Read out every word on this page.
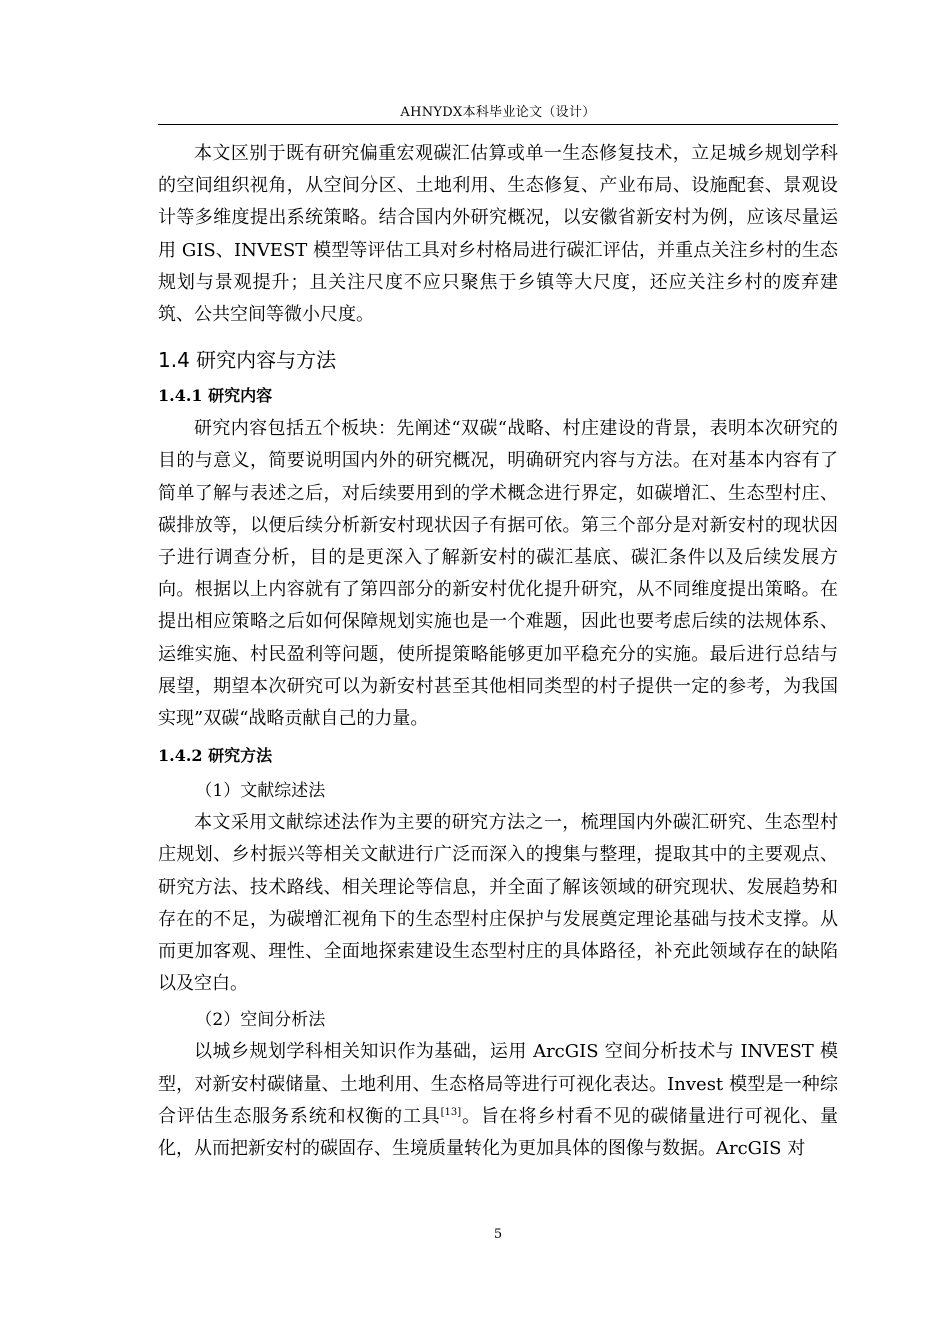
AHNYDX本科毕业论文（设计）

本文区别于既有研究偏重宏观碳汇估算或单一生态修复技术，立足城乡规划学科的空间组织视角，从空间分区、土地利用、生态修复、产业布局、设施配套、景观设计等多维度提出系统策略。结合国内外研究概况，以安徽省新安村为例，应该尽量运用 GIS、INVEST 模型等评估工具对乡村格局进行碳汇评估，并重点关注乡村的生态规划与景观提升；且关注尺度不应只聚焦于乡镇等大尺度，还应关注乡村的废弃建筑、公共空间等微小尺度。

1.4 研究内容与方法
1.4.1 研究内容

研究内容包括五个板块：先阐述“双碳“战略、村庄建设的背景，表明本次研究的目的与意义，简要说明国内外的研究概况，明确研究内容与方法。在对基本内容有了简单了解与表述之后，对后续要用到的学术概念进行界定，如碳增汇、生态型村庄、碳排放等，以便后续分析新安村现状因子有据可依。第三个部分是对新安村的现状因子进行调查分析，目的是更深入了解新安村的碳汇基底、碳汇条件以及后续发展方向。根据以上内容就有了第四部分的新安村优化提升研究，从不同维度提出策略。在提出相应策略之后如何保障规划实施也是一个难题，因此也要考虑后续的法规体系、运维实施、村民盈利等问题，使所提策略能够更加平稳充分的实施。最后进行总结与展望，期望本次研究可以为新安村甚至其他相同类型的村子提供一定的参考，为我国实现”双碳“战略贡献自己的力量。

1.4.2 研究方法
（1）文献综述法

本文采用文献综述法作为主要的研究方法之一，梳理国内外碳汇研究、生态型村庄规划、乡村振兴等相关文献进行广泛而深入的搜集与整理，提取其中的主要观点、研究方法、技术路线、相关理论等信息，并全面了解该领域的研究现状、发展趋势和存在的不足，为碳增汇视角下的生态型村庄保护与发展奠定理论基础与技术支撑。从而更加客观、理性、全面地探索建设生态型村庄的具体路径，补充此领域存在的缺陷以及空白。

（2）空间分析法

以城乡规划学科相关知识作为基础，运用 ArcGIS 空间分析技术与 INVEST 模型，对新安村碳储量、土地利用、生态格局等进行可视化表达。Invest 模型是一种综合评估生态服务系统和权衡的工具[13]。旨在将乡村看不见的碳储量进行可视化、量化，从而把新安村的碳固存、生境质量转化为更加具体的图像与数据。ArcGIS 对

5
